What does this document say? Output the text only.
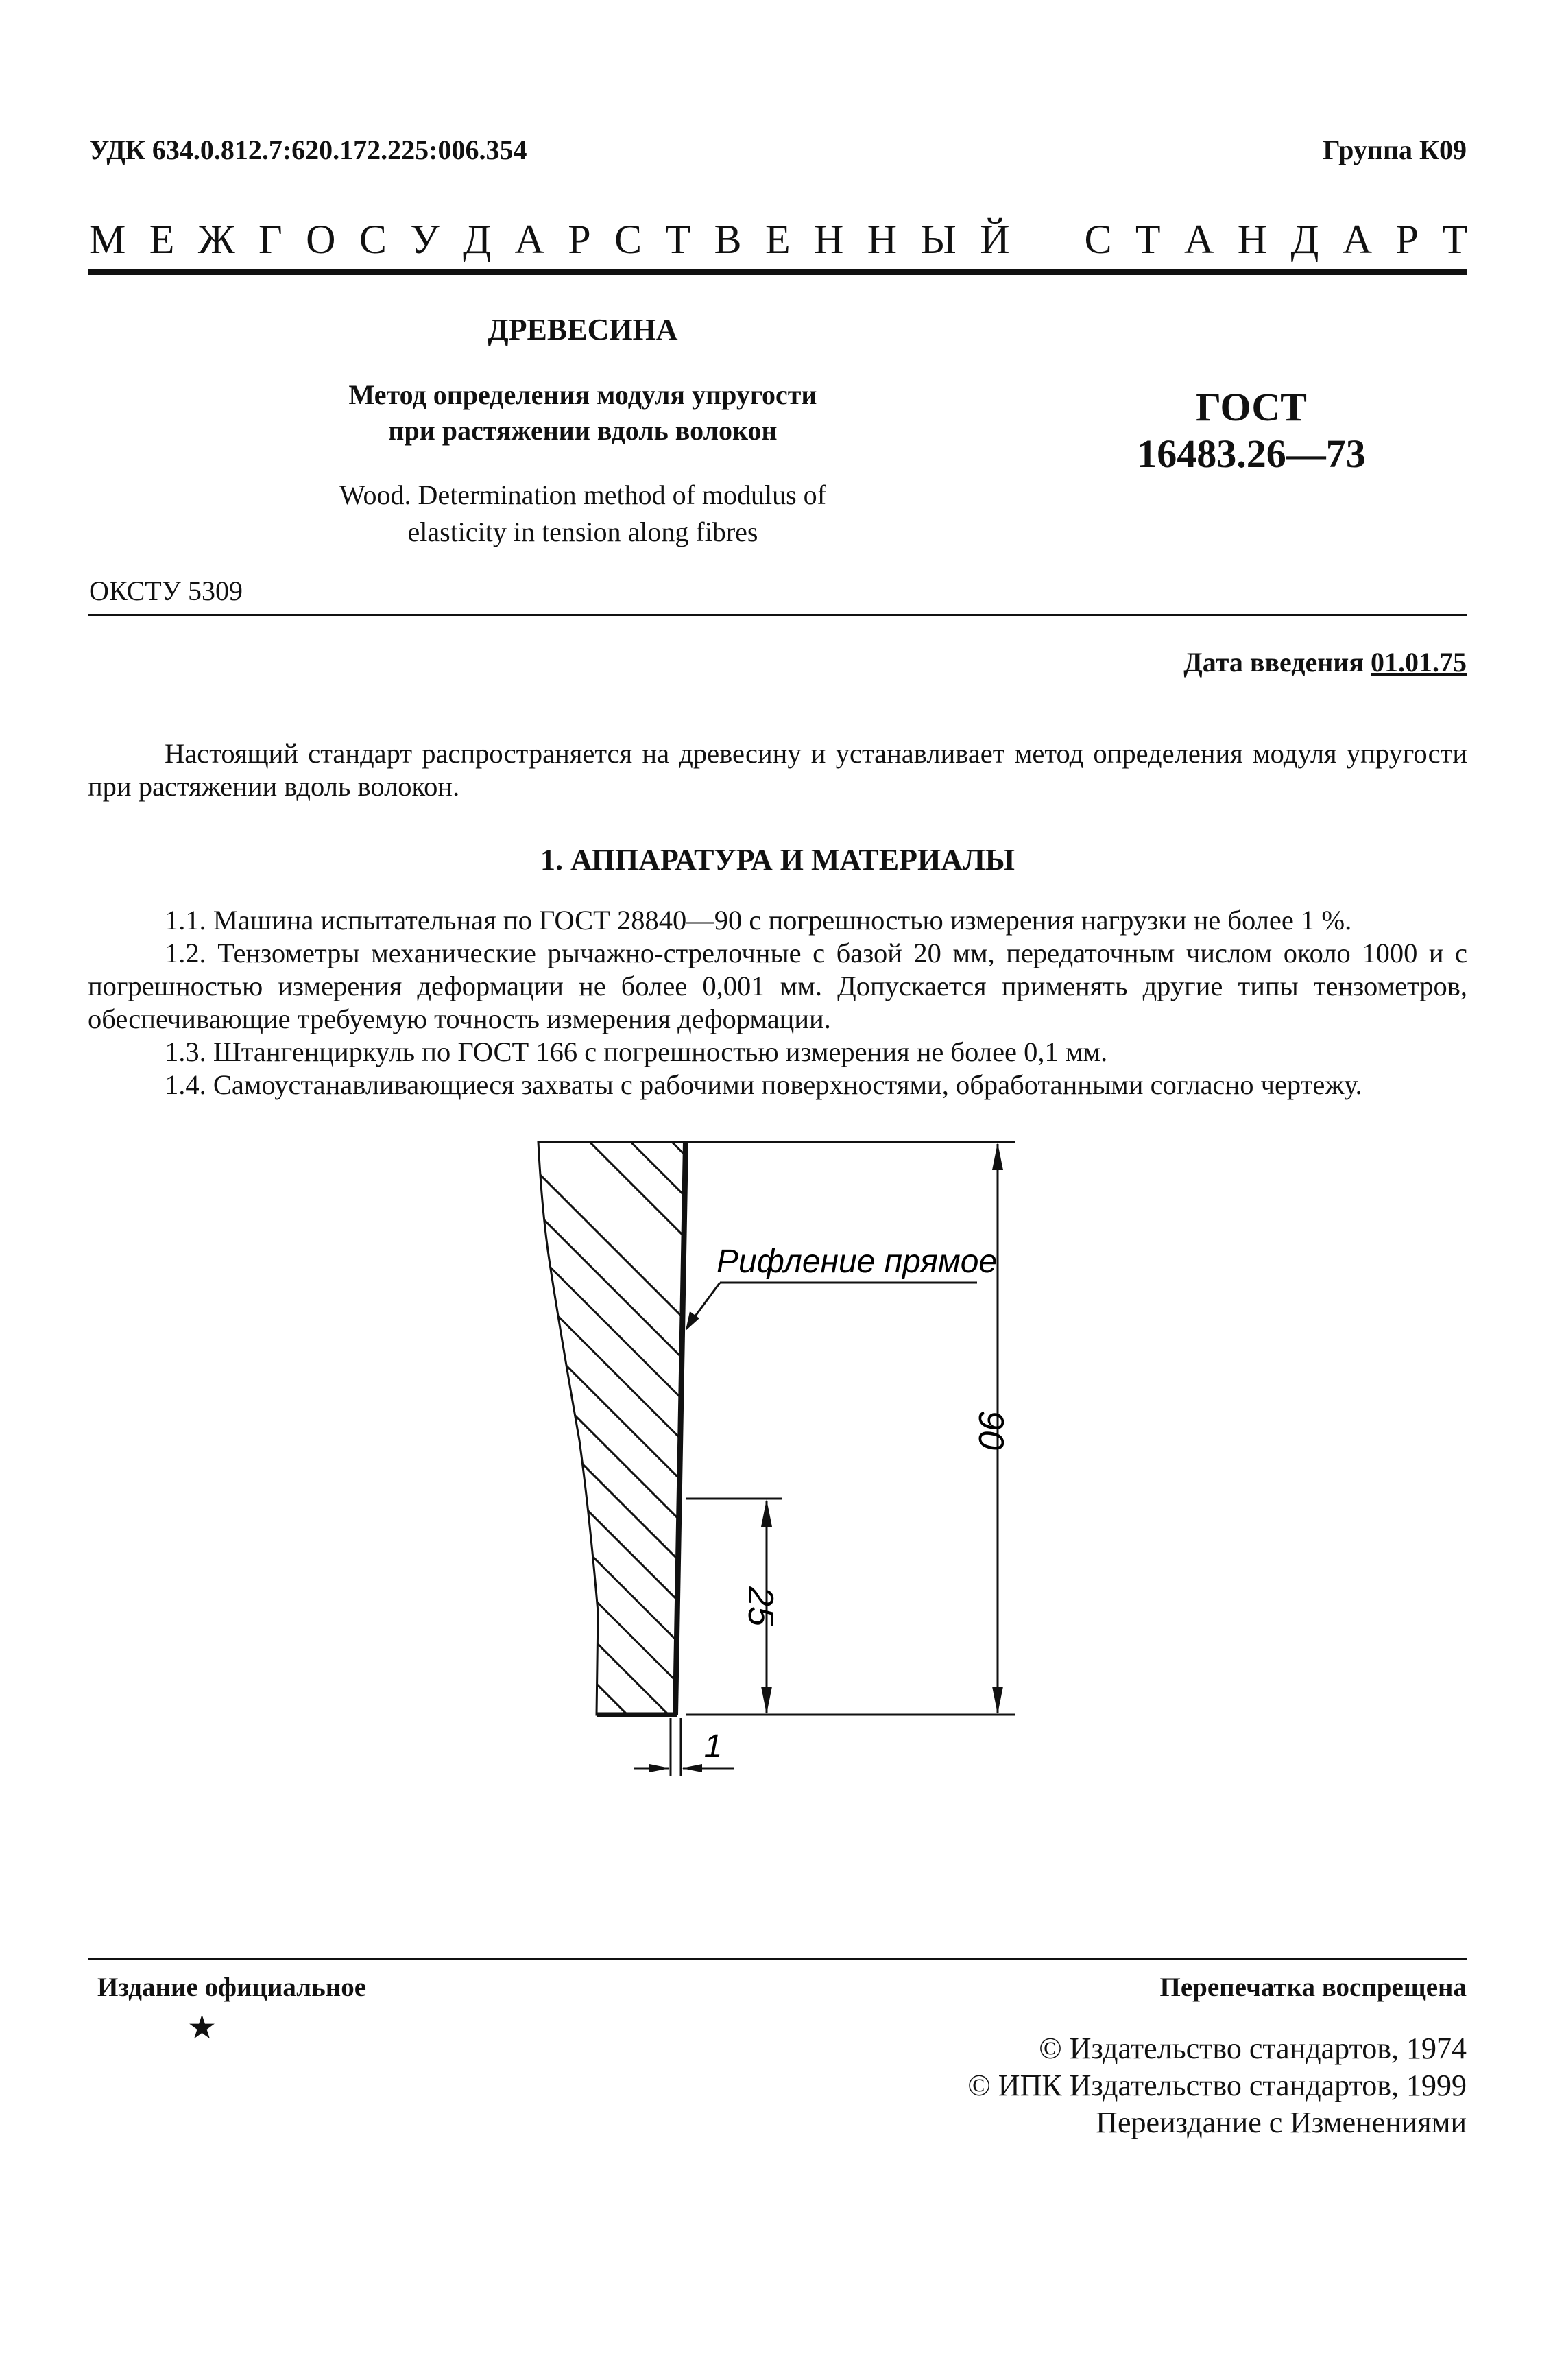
УДК 634.0.812.7:620.172.225:006.354	Группа К09
М Е Ж Г О С У Д А Р С Т В Е Н Н Ы Й С Т А Н Д А Р Т
ДРЕВЕСИНА
Метод определения модуля упругости
при растяжении вдоль волокон
Wood. Determination method of modulus of
elasticity in tension along fibres
ГОСТ
16483.26—73
ОКСТУ 5309
Дата введения 01.01.75
Настоящий стандарт распространяется на древесину и устанавливает метод определения модуля упругости при растяжении вдоль волокон.
1. АППАРАТУРА И МАТЕРИАЛЫ
1.1. Машина испытательная по ГОСТ 28840—90 с погрешностью измерения нагрузки не более 1 %.
1.2. Тензометры механические рычажно-стрелочные с базой 20 мм, передаточным числом около 1000 и с погрешностью измерения деформации не более 0,001 мм. Допускается применять другие типы тензометров, обеспечивающие требуемую точность измерения деформации.
1.3. Штангенциркуль по ГОСТ 166 с погрешностью измерения не более 0,1 мм.
1.4. Самоустанавливающиеся захваты с рабочими поверхностями, обработанными согласно чертежу.
90
25
Рифление прямое
1
Издание официальное	Перепечатка воспрещена
★
© Издательство стандартов, 1974
© ИПК Издательство стандартов, 1999
Переиздание с Изменениями
